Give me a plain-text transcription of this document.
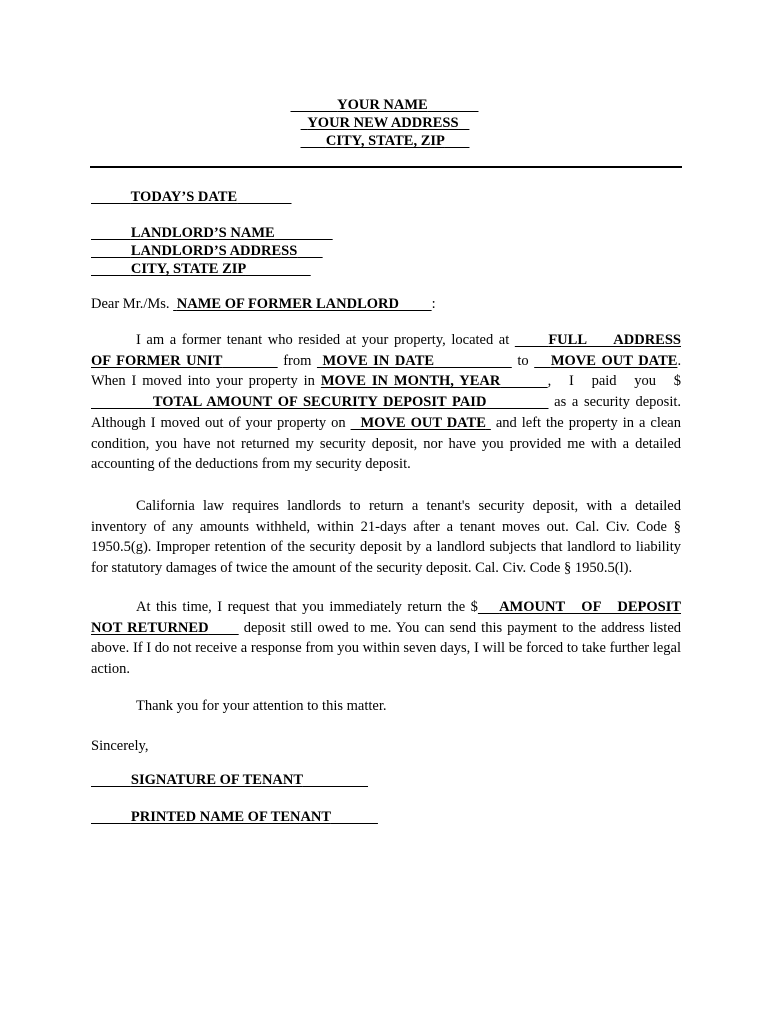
YOUR NAME
YOUR NEW ADDRESS
CITY, STATE, ZIP
TODAY’S DATE
LANDLORD’S NAME
LANDLORD’S ADDRESS
CITY, STATE ZIP
Dear Mr./Ms.  NAME OF FORMER LANDLORD :
I am a former tenant who resided at your property, located at       FULL     ADDRESS
OF FORMER UNIT	from  MOVE IN DATE	to    MOVE OUT DATE.
When I moved into your property in MOVE IN MONTH, YEAR	,   I   paid   you   $
TOTAL AMOUNT OF SECURITY DEPOSIT PAID	as a security deposit.
Although I moved out of your property on   MOVE OUT DATE  and left the property in a clean condition, you have not returned my security deposit, nor have you provided me with a detailed accounting of the deductions from my security deposit.
California law requires landlords to return a tenant's security deposit, with a detailed inventory of any amounts withheld, within 21-days after a tenant moves out. Cal. Civ. Code § 1950.5(g). Improper retention of the security deposit by a landlord subjects that landlord to liability for statutory damages of twice the amount of the security deposit. Cal. Civ. Code § 1950.5(l).
At this time, I request that you immediately return the $ AMOUNT   OF   DEPOSIT
NOT RETURNED       deposit still owed to me. You can send this payment to the address listed above. If I do not receive a response from you within seven days, I will be forced to take further legal action.
Thank you for your attention to this matter.
Sincerely,
SIGNATURE OF TENANT
PRINTED NAME OF TENANT
